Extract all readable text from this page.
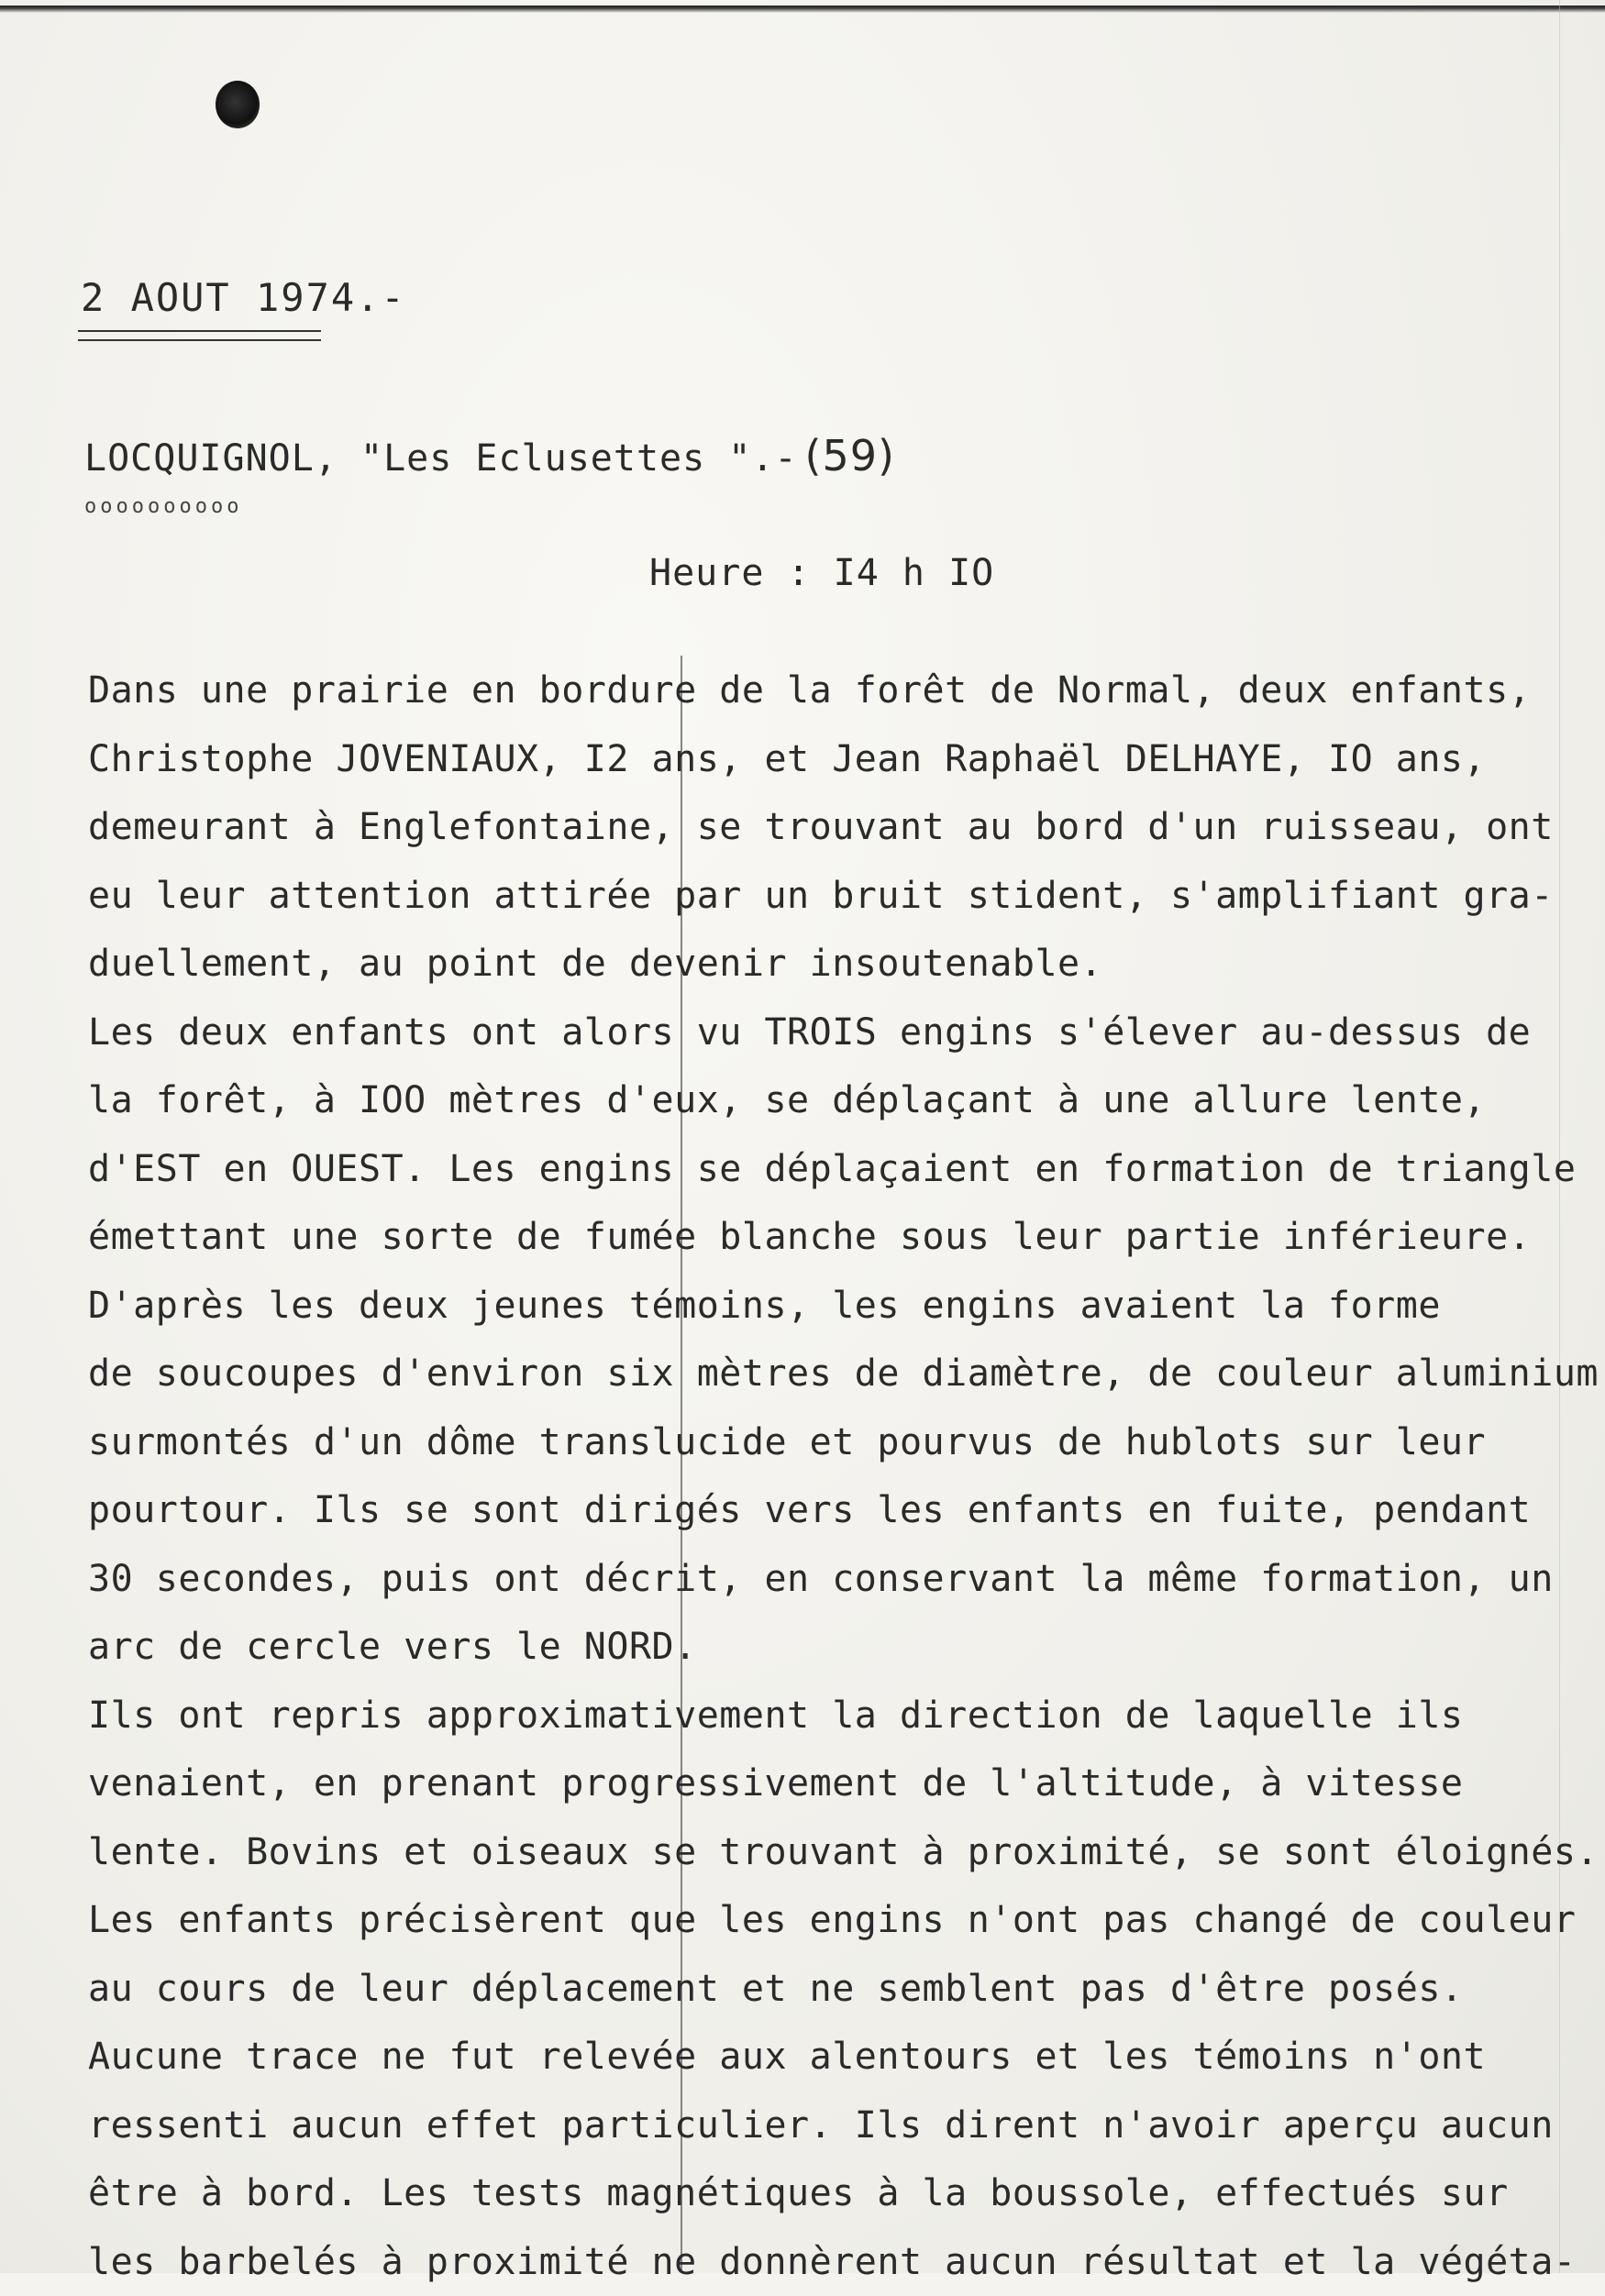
2 AOUT 1974.-
LOCQUIGNOL, "Les Eclusettes ".- (59)
oooooooooo
Heure : I4 h IO
Dans une prairie en bordure de la forêt de Normal, deux enfants,
Christophe JOVENIAUX, I2 ans, et Jean Raphaël DELHAYE, IO ans,
demeurant à Englefontaine, se trouvant au bord d'un ruisseau, ont
eu leur attention attirée par un bruit stident, s'amplifiant gra-
duellement, au point de devenir insoutenable.
Les deux enfants ont alors vu TROIS engins s'élever au-dessus de
la forêt, à IOO mètres d'eux, se déplaçant à une allure lente,
d'EST en OUEST. Les engins se déplaçaient en formation de triangle
émettant une sorte de fumée blanche sous leur partie inférieure.
D'après les deux jeunes témoins, les engins avaient la forme
de soucoupes d'environ six mètres de diamètre, de couleur aluminium
surmontés d'un dôme translucide et pourvus de hublots sur leur
pourtour. Ils se sont dirigés vers les enfants en fuite, pendant
30 secondes, puis ont décrit, en conservant la même formation, un
arc de cercle vers le NORD.
Ils ont repris approximativement la direction de laquelle ils
venaient, en prenant progressivement de l'altitude, à vitesse
lente. Bovins et oiseaux se trouvant à proximité, se sont éloignés.
Les enfants précisèrent que les engins n'ont pas changé de couleur
au cours de leur déplacement et ne semblent pas d'être posés.
Aucune trace ne fut relevée aux alentours et les témoins n'ont
ressenti aucun effet particulier. Ils dirent n'avoir aperçu aucun
être à bord. Les tests magnétiques à la boussole, effectués sur
les barbelés à proximité ne donnèrent aucun résultat et la végéta-
